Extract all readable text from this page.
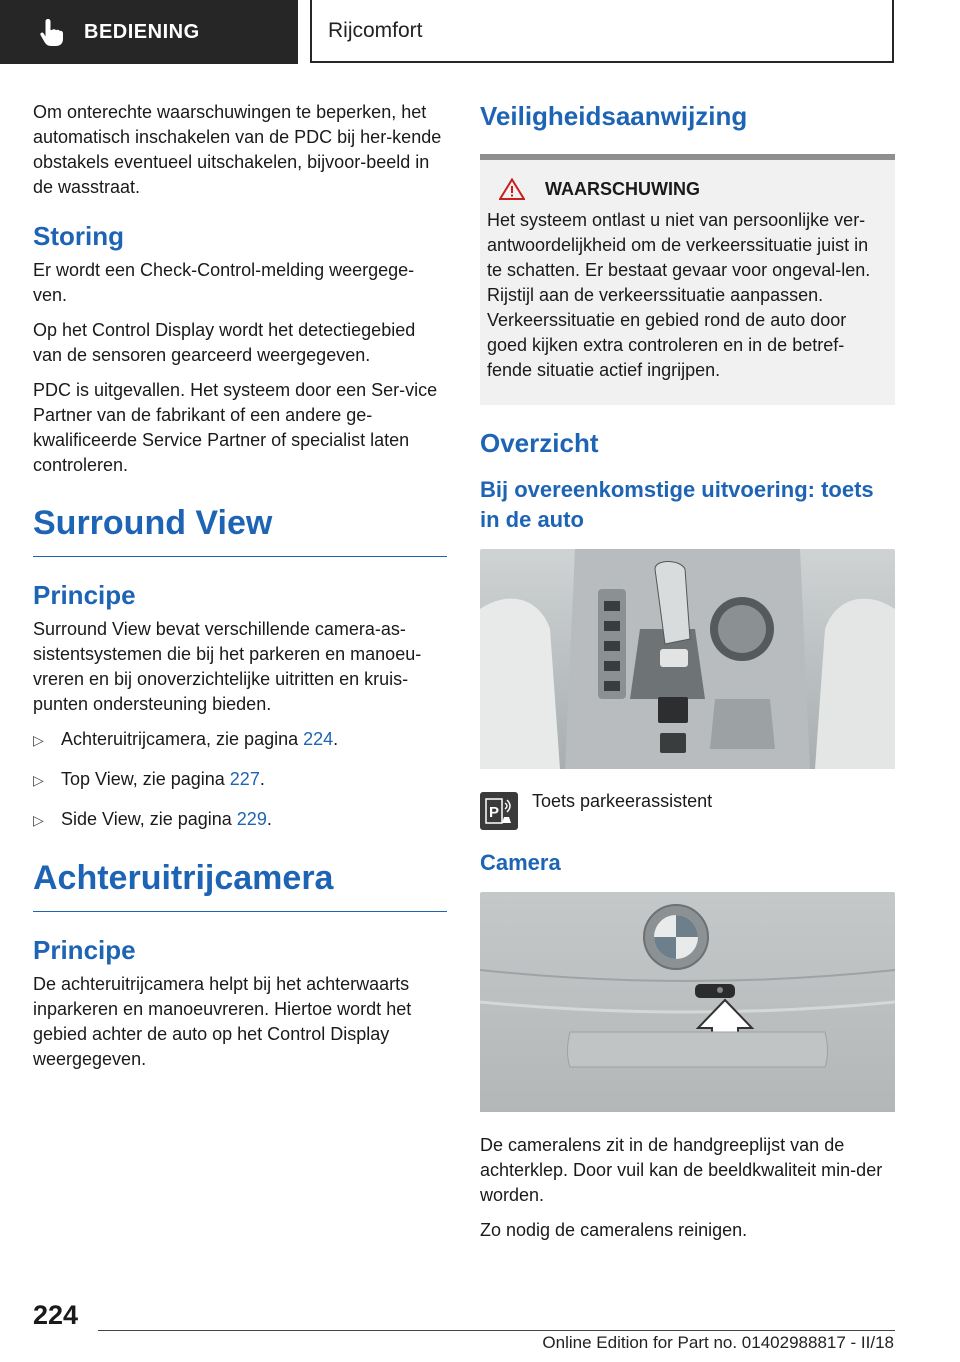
BEDIENING	Rijcomfort

Om onterechte waarschuwingen te beperken, het automatisch inschakelen van de PDC bij her-kende obstakels eventueel uitschakelen, bijvoor-beeld in de wasstraat.

Storing

Er wordt een Check-Control-melding weergege-ven.

Op het Control Display wordt het detectiegebied van de sensoren gearceerd weergegeven.

PDC is uitgevallen. Het systeem door een Ser-vice Partner van de fabrikant of een andere ge-kwalificeerde Service Partner of specialist laten controleren.

Surround View
Principe

Surround View bevat verschillende camera-as-sistentsystemen die bij het parkeren en manoeu-vreren en bij onoverzichtelijke uitritten en kruis-punten ondersteuning bieden.

▷ Achteruitrijcamera, zie pagina 224.
▷ Top View, zie pagina 227.
▷ Side View, zie pagina 229.
Achteruitrijcamera
Principe

De achteruitrijcamera helpt bij het achterwaarts inparkeren en manoeuvreren. Hiertoe wordt het gebied achter de auto op het Control Display weergegeven.

Veiligheidsaanwijzing
WAARSCHUWING

Het systeem ontlast u niet van persoonlijke ver-antwoordelijkheid om de verkeerssituatie juist in te schatten. Er bestaat gevaar voor ongeval-len. Rijstijl aan de verkeerssituatie aanpassen. Verkeerssituatie en gebied rond de auto door goed kijken extra controleren en in de betref-fende situatie actief ingrijpen.

Overzicht
Bij overeenkomstige uitvoering: toets in de auto
P

Toets parkeerassistent

Camera

De cameralens zit in de handgreeplijst van de achterklep. Door vuil kan de beeldkwaliteit min-der worden.

Zo nodig de cameralens reinigen.

224
Online Edition for Part no. 01402988817 - II/18
